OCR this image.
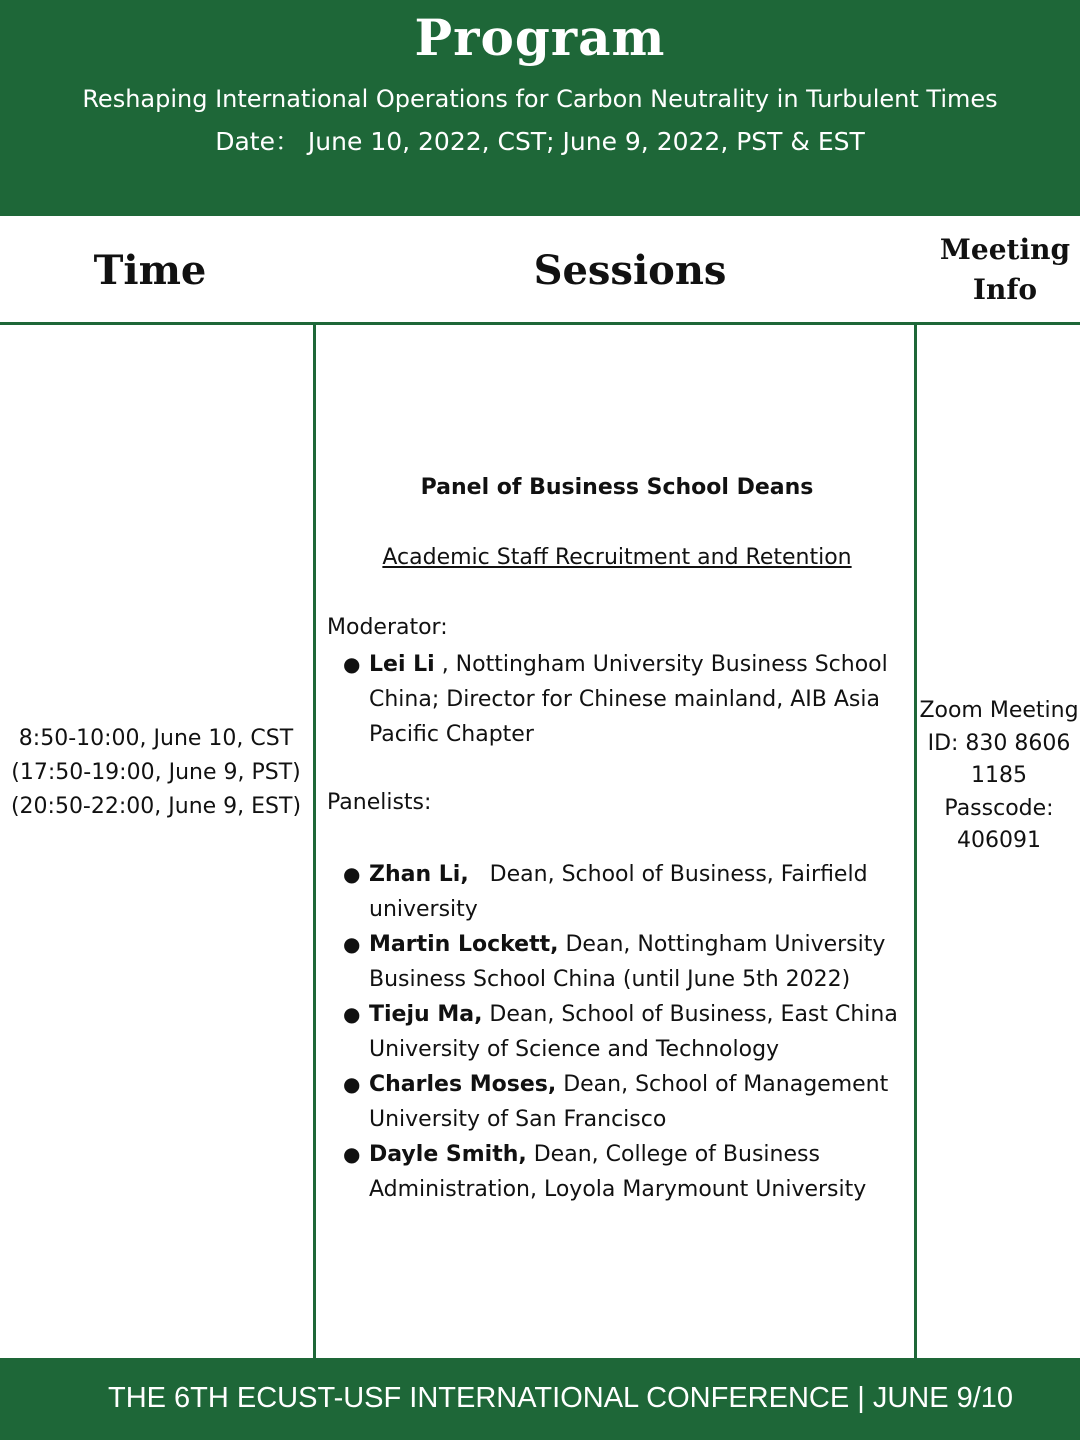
Program
Reshaping International Operations for Carbon Neutrality in Turbulent Times
Date： June 10, 2022, CST; June 9, 2022, PST & EST
Time	Sessions	Meeting
Info
8:50-10:00, June 10, CST
(17:50-19:00, June 9, PST)
(20:50-22:00, June 9, EST)
Panel of Business School Deans
Academic Staff Recruitment and Retention
Moderator:
● Lei Li , Nottingham University Business School China; Director for Chinese mainland, AIB Asia Pacific Chapter
Panelists:
● Zhan Li,   Dean, School of Business, Fairfield university
● Martin Lockett, Dean, Nottingham University Business School China (until June 5th 2022)
● Tieju Ma, Dean, School of Business, East China University of Science and Technology
● Charles Moses, Dean, School of Management University of San Francisco
● Dayle Smith, Dean, College of Business Administration, Loyola Marymount University
Zoom Meeting
ID: 830 8606
1185
Passcode:
406091
THE 6TH ECUST-USF INTERNATIONAL CONFERENCE | JUNE 9/10
